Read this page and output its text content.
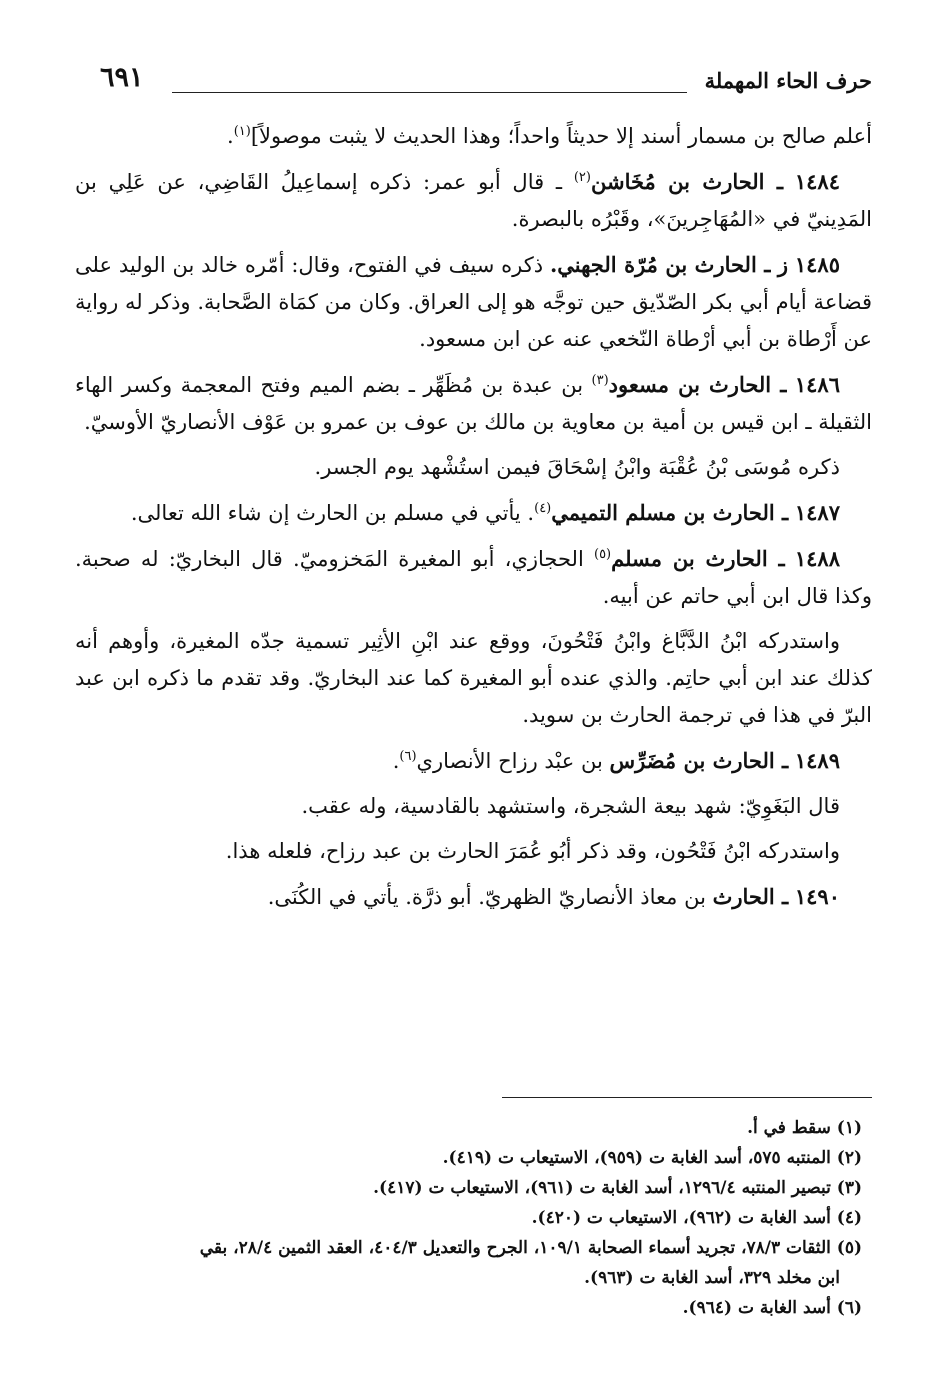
حرف الحاء المهملة
٦٩١

أعلم صالح بن مسمار أسند إلا حديثاً واحداً؛ وهذا الحديث لا يثبت موصولاً]$^{(١)}$.

١٤٨٤ ـ الحارث بن مُخَاشن$^{(٢)}$ ـ قال أبو عمر: ذكره إسماعِيلُ القَاضِي، عن عَلِي بن المَدِينيّ في «المُهَاجِرينَ»، وقَبْرُه بالبصرة.

١٤٨٥ ز ـ الحارث بن مُرّة الجهني. ذكره سيف في الفتوح، وقال: أمّره خالد بن الوليد على قضاعة أيام أبي بكر الصّدّيق حين توجَّه هو إلى العراق. وكان من كمَاة الصَّحابة. وذكر له رواية عن أَرْطاة بن أبي أرْطاة النّخعي عنه عن ابن مسعود.

١٤٨٦ ـ الحارث بن مسعود$^{(٣)}$ بن عبدة بن مُظَهِّر ـ بضم الميم وفتح المعجمة وكسر الهاء الثقيلة ـ ابن قيس بن أمية بن معاوية بن مالك بن عوف بن عمرو بن عَوْف الأنصاريّ الأوسيّ.

ذكره مُوسَى بْنُ عُقْبَة وابْنُ إسْحَاقَ فيمن استُشْهد يوم الجسر.

١٤٨٧ ـ الحارث بن مسلم التميمي$^{(٤)}$. يأتي في مسلم بن الحارث إن شاء الله تعالى.

١٤٨٨ ـ الحارث بن مسلم$^{(٥)}$ الحجازي، أبو المغيرة المَخزوميّ. قال البخاريّ: له صحبة. وكذا قال ابن أبي حاتم عن أبيه.

واستدركه ابْنُ الدَّبَّاغ وابْنُ فَتْحُونَ، ووقع عند ابْنِ الأثِير تسمية جدّه المغيرة، وأوهم أنه كذلك عند ابن أبي حاتِم. والذي عنده أبو المغيرة كما عند البخاريّ. وقد تقدم ما ذكره ابن عبد البرّ في هذا في ترجمة الحارث بن سويد.

١٤٨٩ ـ الحارث بن مُضَرِّس بن عبْد رزاح الأنصاري$^{(٦)}$.

قال البَغَوِيّ: شهد بيعة الشجرة، واستشهد بالقادسية، وله عقب.

واستدركه ابْنُ فَتْحُون، وقد ذكر أبُو عُمَرَ الحارث بن عبد رزاح، فلعله هذا.

١٤٩٠ ـ الحارث بن معاذ الأنصاريّ الظهريّ. أبو ذرَّة. يأتي في الكُنَى.

(١) سقط في أ.

(٢) المنتبه ٥٧٥، أسد الغابة ت (٩٥٩)، الاستيعاب ت (٤١٩).

(٣) تبصير المنتبه ١٢٩٦/٤، أسد الغابة ت (٩٦١)، الاستيعاب ت (٤١٧).

(٤) أسد الغابة ت (٩٦٢)، الاستيعاب ت (٤٢٠).

(٥) الثقات ٧٨/٣، تجريد أسماء الصحابة ١٠٩/١، الجرح والتعديل ٤٠٤/٣، العقد الثمين ٢٨/٤، بقي
ابن مخلد ٣٢٩، أسد الغابة ت (٩٦٣).

(٦) أسد الغابة ت (٩٦٤).
